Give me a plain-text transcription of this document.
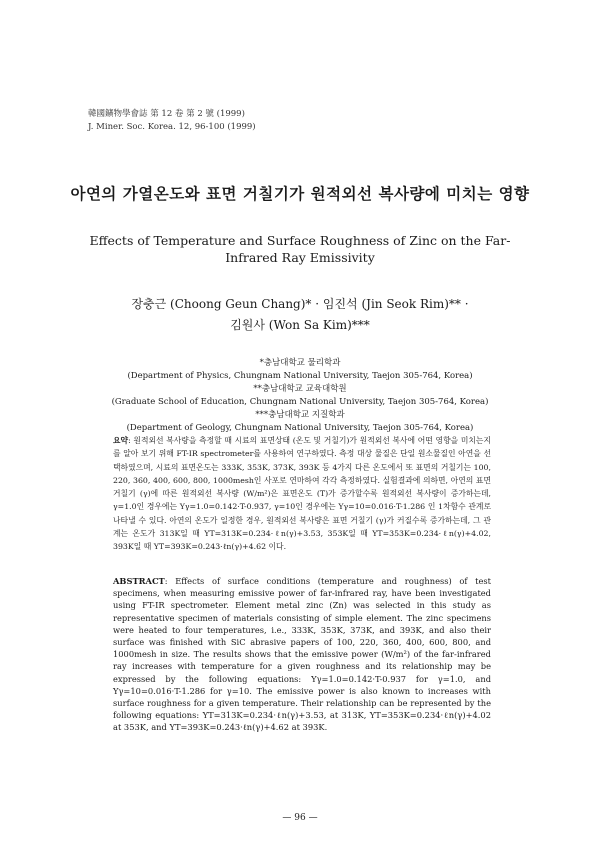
韓國鑛物學會誌 第 12 卷 第 2 號 (1999)
J. Miner. Soc. Korea. 12, 96-100 (1999)
아연의 가열온도와 표면 거칠기가 원적외선 복사량에 미치는 영향
Effects of Temperature and Surface Roughness of Zinc on the Far-Infrared Ray Emissivity
장충근 (Choong Geun Chang)* · 임진석 (Jin Seok Rim)** ·
김원사 (Won Sa Kim)***
*충남대학교 물리학과
(Department of Physics, Chungnam National University, Taejon 305-764, Korea)
**충남대학교 교육대학원
(Graduate School of Education, Chungnam National University, Taejon 305-764, Korea)
***충남대학교 지질학과
(Department of Geology, Chungnam National University, Taejon 305-764, Korea)
요약: 원적외선 복사량을 측정할 때 시료의 표면상태 (온도 및 거칠기)가 원적외선 복사에 어떤 영향을 미치는지를 알아 보기 위해 FT-IR spectrometer를 사용하여 연구하였다. 측정 대상 물질은 단일 원소물질인 아연을 선택하였으며, 시료의 표면온도는 333K, 353K, 373K, 393K 등 4가지 다른 온도에서 또 표면의 거칠기는 100, 220, 360, 400, 600, 800, 1000mesh인 사포로 연마하여 각각 측정하였다. 실험결과에 의하면, 아연의 표면 거칠기 (γ)에 따른 원적외선 복사량 (W/m²)은 표면온도 (T)가 증가할수록 원적외선 복사량이 증가하는데, γ=1.0인 경우에는 Yγ=1.0=0.142·T-0.937, γ=10인 경우에는 Yγ=10=0.016·T-1.286 인 1차함수 관계로 나타낼 수 있다. 아연의 온도가 일정한 경우, 원적외선 복사량은 표면 거칠기 (γ)가 커질수록 증가하는데, 그 관계는 온도가 313K일 때 YT=313K=0.234·ℓn(γ)+3.53, 353K일 때 YT=353K=0.234·ℓn(γ)+4.02, 393K일 때 YT=393K=0.243·ℓn(γ)+4.62 이다.
ABSTRACT: Effects of surface conditions (temperature and roughness) of test specimens, when measuring emissive power of far-infrared ray, have been investigated using FT-IR spectrometer. Element metal zinc (Zn) was selected in this study as representative specimen of materials consisting of simple element. The zinc specimens were heated to four temperatures, i.e., 333K, 353K, 373K, and 393K, and also their surface was finished with SiC abrasive papers of 100, 220, 360, 400, 600, 800, and 1000mesh in size. The results shows that the emissive power (W/m²) of the far-infrared ray increases with temperature for a given roughness and its relationship may be expressed by the following equations: Yγ=1.0=0.142·T-0.937 for γ=1.0, and Yγ=10=0.016·T-1.286 for γ=10. The emissive power is also known to increases with surface roughness for a given temperature. Their relationship can be represented by the following equations: YT=313K=0.234·ℓn(γ)+3.53, at 313K, YT=353K=0.234·ℓn(γ)+4.02 at 353K, and YT=393K=0.243·ℓn(γ)+4.62 at 393K.
— 96 —
